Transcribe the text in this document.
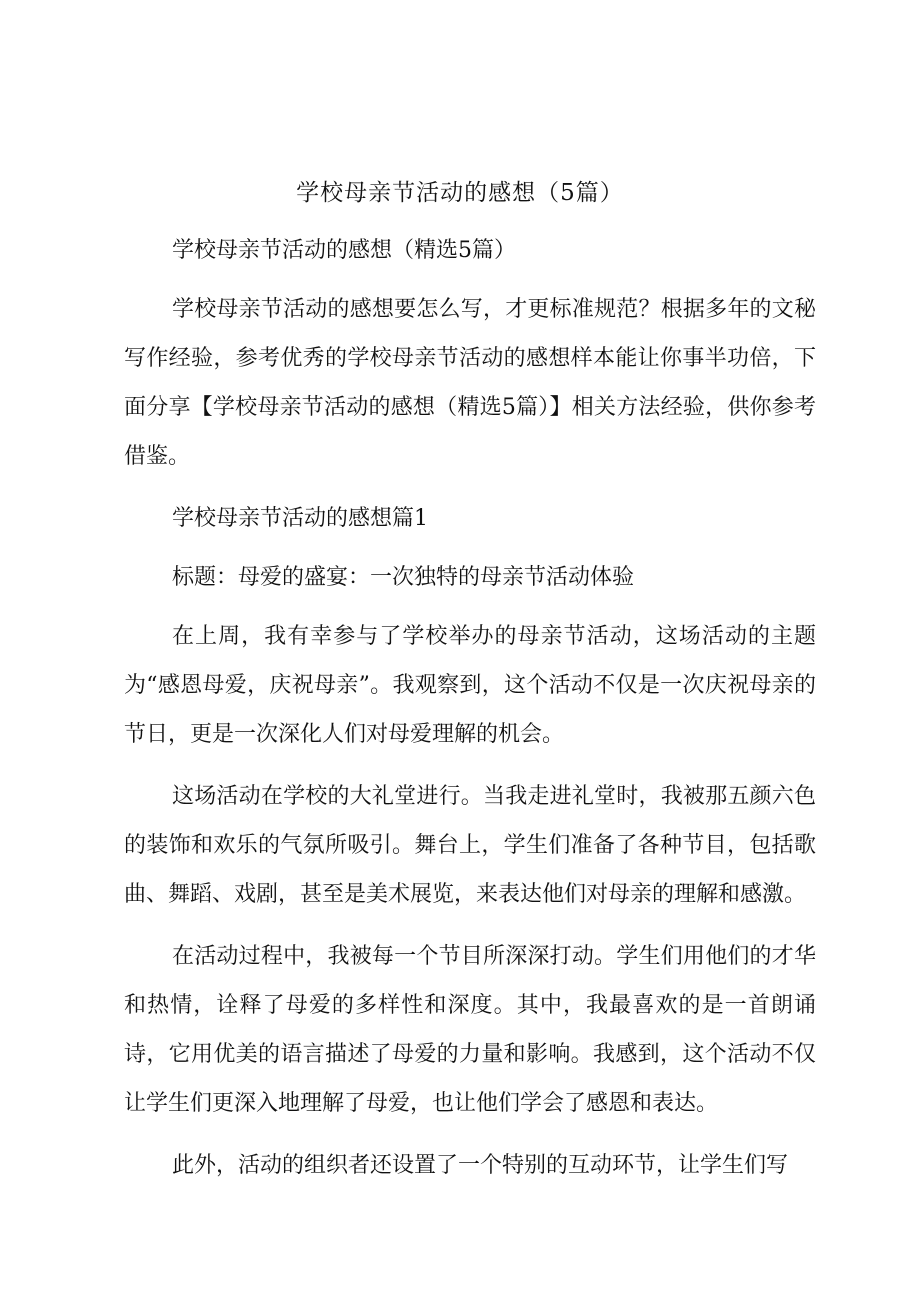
学校母亲节活动的感想（5篇）

学校母亲节活动的感想（精选5篇）

学校母亲节活动的感想要怎么写，才更标准规范？根据多年的文秘写作经验，参考优秀的学校母亲节活动的感想样本能让你事半功倍，下面分享【学校母亲节活动的感想（精选5篇）】相关方法经验，供你参考借鉴。

学校母亲节活动的感想篇1

标题：母爱的盛宴：一次独特的母亲节活动体验

在上周，我有幸参与了学校举办的母亲节活动，这场活动的主题为“感恩母爱，庆祝母亲”。我观察到，这个活动不仅是一次庆祝母亲的节日，更是一次深化人们对母爱理解的机会。

这场活动在学校的大礼堂进行。当我走进礼堂时，我被那五颜六色的装饰和欢乐的气氛所吸引。舞台上，学生们准备了各种节目，包括歌曲、舞蹈、戏剧，甚至是美术展览，来表达他们对母亲的理解和感激。

在活动过程中，我被每一个节目所深深打动。学生们用他们的才华和热情，诠释了母爱的多样性和深度。其中，我最喜欢的是一首朗诵诗，它用优美的语言描述了母爱的力量和影响。我感到，这个活动不仅让学生们更深入地理解了母爱，也让他们学会了感恩和表达。

此外，活动的组织者还设置了一个特别的互动环节，让学生们写
